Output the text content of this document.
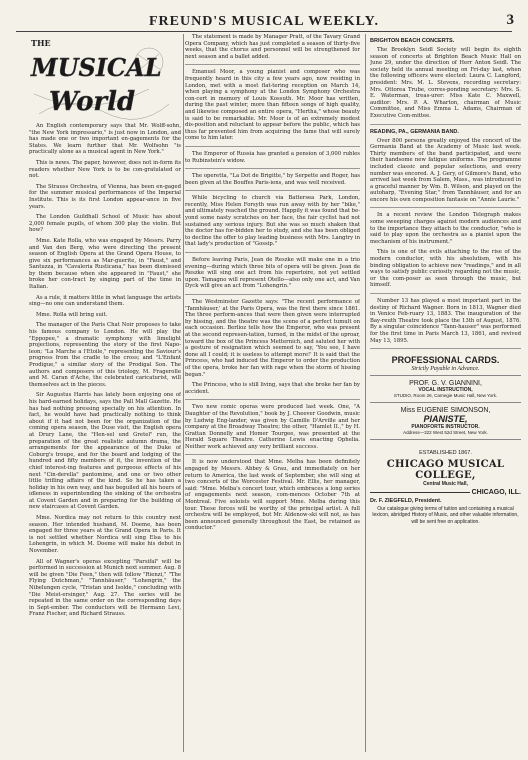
FREUND'S MUSICAL WEEKLY.	3
THE
MUSICAL
World

An English contemporary says that Mr. Wolff-sohn, "the New York impressario," is just now in London, and has made one or two important en-gagements for the States. We learn further that Mr. Wolfsohn "is practically alone as a musical agent in New York."

This is news. The paper, however, does not in-form its readers whether New York is to be con-gratulated or not.

The Strauss Orchestra, of Vienna, has been en-gaged for the summer musical performances of the Imperial Institute. This is its first London appear-ance in five years.

The London Guildhall School of Music has about 2,000 female pupils, of whom 300 play the violin. But how?

Mme. Kate Rolla, who was engaged by Messrs. Parry and Van den Berg, who were directing the present season of English Opera at the Grand Opera House, to give six performances as Mar-guerite, in "Faust," and Santuzza, in "Cavaleria Rusticana," has been dismissed by them because when she appeared in "Faust," she broke her con-tract by singing part of the time in Italian.

As a rule, it matters little in what language the artists sing—no one can understand them.

Mme. Rolla will bring suit.

The manager of the Paris Chat Noir proposes to take his famous company to London. He will play the "Eppopee," a dramatic symphony with limelight projections, representing the story of the first Napo-leon; "La Marche a l'Etoile," representing the Saviour's progress from the cradle to the cross; and "L'Enfant Prodigue," a similar story of the Prodigal Son. The authors and composers of this triology, M. Fragerolle and M. Caran d'Ache, the celebrated caricaturist, will themselves act in the pieces.

Sir Augustus Harris has lately been enjoying one of his hard-earned holidays, says the Pall Mall Gazette. He has had nothing pressing specially on his attention. In fact, he would have had practically nothing to think about if it had not been for the organization of the coming opera season, the Duse visit, the English opera at Drury Lane, the "Hen-sel und Gretel" run, the preparation of the great realistic autumn drama, the arrangements for the appearance of the Duke of Coburg's troupe, and for the board and lodging of the hundred and fifty members of it, the invention of the chief interest-ing features and gorgeous effects of his next "Cin-derella" pantomime, and one or two other little trifling affairs of the kind. So he has taken a holiday in his own way, and has beguiled all his hours of idleness in superintending the sinking of the orchestra at Covent Garden and in preparing for the building of new staircases at Covent Garden.

Mme. Nordica may not return to this country next season. Her intended husband, M. Doeme, has been engaged for three years at the Grand Opera in Paris. It is not settled whether Nordica will sing Elsa to his Lohengrin, in which M. Doeme will make his debut in November.

All of Wagner's operas excepting "Parsifal" will be performed in succession at Munich next summer. Aug. 8 will be given "Die Feen," then will follow "Rienzi," "The Flying Dutchman," "Tannhäuser," "Lohengrin," the Nibelungen cycle, "Tristan und Isolde," concluding with "Die Meist-ersinger," Aug. 27. The series will be repeated in the same order on the corresponding days in Sept-ember. The conductors will be Hermann Levi, Franz Fischer, and Richard Strauss.

The statement is made by Manager Pratt, of the Tavary Grand Opera Company, which has just completed a season of thirty-five weeks, that the chorus and personnel will be strengthened for next season and a ballet added.

Emanuel Moor, a young pianist and composer who was frequently heard in this city a few years ago, now residing in London, met with a most flat-tering reception on March 14, when playing a symphony at the London Symphony Orchestra con-cert in memory of Louis Kossuth. Mr. Moor has written, during the past winter, more than fifteen songs of high quality, and likewise composed an entire opera, "Hertha," whose beauty is said to be remarkable. Mr. Moor is of an extremely modest dis-position and reluctant to appear before the public, which has thus far prevented him from acquiring the fame that will surely come to him later.

The Emperor of Russia has granted a pension of 3,000 rubles to Rubinstein's widow.

The operetta, "La Dot de Brigitte," by Serpette and Roger, has been given at the Bouffes Paris-iens, and was well received.

While bicycling to church via Battersea Park, London, recently, Miss Helen Forsyth was run away with by her "bike," and ultimately reached the ground. Happily it was found that be-yond some nasty scratches on her face, the fair cyclist had not sustained any serious injury. But she was so much shaken that the doctor has for-bidden her to study, and she has been obliged to decline the offer to play leading business with Mrs. Langtry in that lady's production of "Gossip."

Before leaving Paris, Jean de Reszke will make one in a trio evening—during which three bits of opera will be given. Jean de Reszke will sing one act from his repertoire, not yet settled upon. Tamagno will represent Otello—also only one act, and Van Dyck will give an act from "Lohengrin."

The Westminster Gazette says: "The recent performance of 'Tannhäuser,' at the Paris Opera, was the first there since 1861. The three perform-ances that were then given were interrupted by hissing, and the theatre was the scene of a perfect tumult on each occasion. Berlioz tells how the Emperor, who was present at the second represen-tation, turned, in the midst of the uproar, toward the box of the Princess Metternich, and saluted her with a gesture of resignation which seemed to say, 'You see, I have done all I could; it is useless to attempt more!' It is said that the Princess, who had induced the Emperor to order the production of the opera, broke her fan with rage when the storm of hissing began."

The Princess, who is still living, says that she broke her fan by accident.

Two new comic operas were produced last week. One, "A Daughter of the Revolution," book by J. Cheever Goodwin, music by Ludwig Eng-lander, was given by Camille D'Arville and her company at the Broadway Theatre; the other, "Hamlet II.," by H. Grattan Donnelly and Homer Tourgee, was presented at the Herald Square Theatre. Catherine Lewis enacting Ophelia. Neither work achieved any very brilliant success.

It is now understood that Mme. Melba has been definitely engaged by Messrs. Abbey & Grau, and immediately on her return to America, the last week of September, she will sing at two concerts of the Worcester Festival. Mr. Ellis, her manager, said: "Mme. Melba's concert tour, which embraces a long series of engagements next season, com-mences October 7th at Montreal. Five soloists will support Mme. Melba during this tour. These forces will be worthy of the principal artist. A full orchestra will be employed, but Mr. Aldenow-ski will not, as has been announced generally throughout the East, be retained as conductor."

BRIGHTON BEACH CONCERTS.

The Brooklyn Seidl Society will begin its eighth season of concerts at Brighton Beach Music Hall on June 29, under the direction of Herr Anton Seidl. The society held its annual meeting on Fri-day last, when the following officers were elected: Laura C. Langford, president: Mrs. M. L. Stevens, recording secretary: Mrs. Ottorea Trube, corres-ponding secretary: Mrs. S. E. Waterman, treas-urer: Miss Kate C. Maxwell, auditor: Mrs. P. A. Wharton, chairman of Music Committee, and Miss Emma L. Adams, Chairman of Executive Com-mittee.

READING, PA., GERMANIA BAND.

Over 800 persons greatly enjoyed the concert of the Germania Band at the Academy of Music last week. Thirty members of the band participated, and were their handsome new fatigue uniforms. The programme included classic and popular selections, and every number was encored. A. J. Gery, of Gilmore's Band, who arrived last week from Salem, Mass., was introduced in a graceful manner by Wm. B. Wilson, and played on the autoharp, "Evening Star," from Tannhäuser, and for an encore his own composition fantasie on "Annie Laurie."

In a recent review the London Telegraph makes some sweeping charges against modern audiences and to the importance they attach to the conductor, "who is said to play upon the orchestra as a pianist upon the mechanism of his instrument."

This is one of the evils attaching to the rise of the modern conductor, with his absolutism, with his binding obligation to achieve new "readings," and in all ways to satisfy public curiosity regarding not the music, or the com-poser as seen through the music, but himself.

Number 13 has played a most important part in the destiny of Richard Wagner. Born in 1813, Wagner died in Venice Feb-ruary 13, 1883. The inauguration of the Bay-reuth Theatre took place the 13th of August, 1876. By a singular coincidence "Tann-hauser" was performed for the first time in Paris March 13, 1861, and revived May 13, 1895.

PROFESSIONAL CARDS.
Strictly Payable in Advance.
PROF. G. V. GIANNINI,
VOCAL INSTRUCTION,
STUDIO, Room 26, Carnegie Music Hall, New York.
Miss EUGENIE SIMONSON,
PIANISTE,
PIANOFORTE INSTRUCTOR.
Address—322 West 52d Street, New York.
ESTABLISHED 1867.
CHICAGO MUSICAL COLLEGE,
Central Music Hall,
CHICAGO, ILL.
Dr. F. ZIEGFELD, President.

Our catalogue giving terms of tuition and containing a musical lexicon, abridged History of Music, and other valuable information, will be sent free on application.
